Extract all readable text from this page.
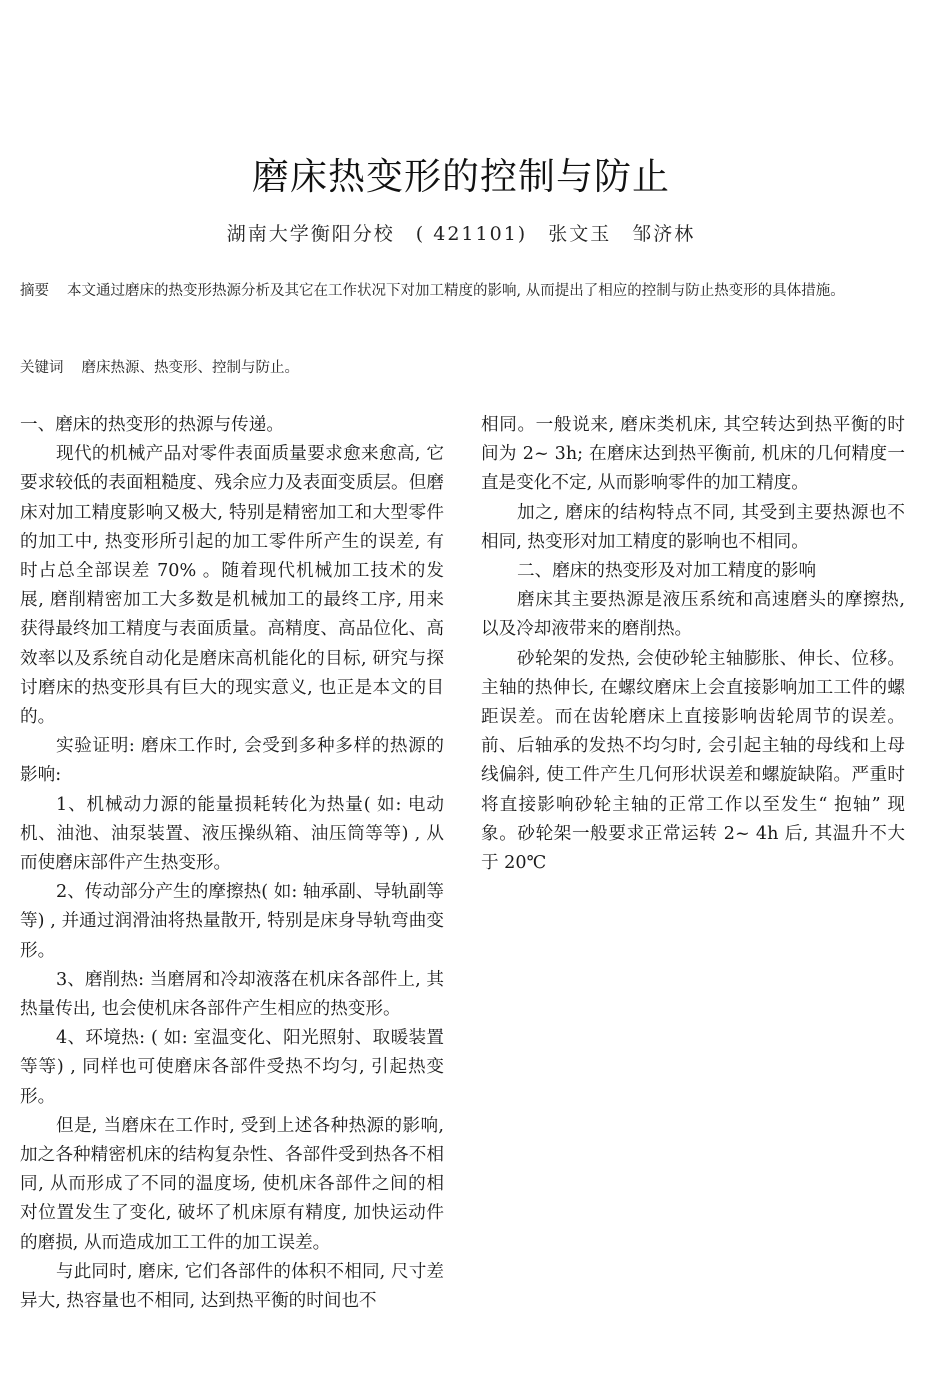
磨床热变形的控制与防止
湖南大学衡阳分校　( 421101)　张文玉　邹济林
摘要 本文通过磨床的热变形热源分析及其它在工作状况下对加工精度的影响, 从而提出了相应的控制与防止热变形的具体措施。
关键词 磨床热源、热变形、控制与防止。

一、磨床的热变形的热源与传递。

现代的机械产品对零件表面质量要求愈来愈高, 它要求较低的表面粗糙度、残余应力及表面变质层。但磨床对加工精度影响又极大, 特别是精密加工和大型零件的加工中, 热变形所引起的加工零件所产生的误差, 有时占总全部误差 70% 。随着现代机械加工技术的发展, 磨削精密加工大多数是机械加工的最终工序, 用来获得最终加工精度与表面质量。高精度、高品位化、高效率以及系统自动化是磨床高机能化的目标, 研究与探讨磨床的热变形具有巨大的现实意义, 也正是本文的目的。

实验证明: 磨床工作时, 会受到多种多样的热源的影响:

1、机械动力源的能量损耗转化为热量( 如: 电动机、油池、油泵装置、液压操纵箱、油压筒等等) , 从而使磨床部件产生热变形。

2、传动部分产生的摩擦热( 如: 轴承副、导轨副等等) , 并通过润滑油将热量散开, 特别是床身导轨弯曲变形。

3、磨削热: 当磨屑和冷却液落在机床各部件上, 其热量传出, 也会使机床各部件产生相应的热变形。

4、环境热: ( 如: 室温变化、阳光照射、取暖装置等等) , 同样也可使磨床各部件受热不均匀, 引起热变形。

但是, 当磨床在工作时, 受到上述各种热源的影响, 加之各种精密机床的结构复杂性、各部件受到热各不相同, 从而形成了不同的温度场, 使机床各部件之间的相对位置发生了变化, 破坏了机床原有精度, 加快运动件的磨损, 从而造成加工工件的加工误差。

与此同时, 磨床, 它们各部件的体积不相同, 尺寸差异大, 热容量也不相同, 达到热平衡的时间也不

相同。一般说来, 磨床类机床, 其空转达到热平衡的时间为 2~ 3h; 在磨床达到热平衡前, 机床的几何精度一直是变化不定, 从而影响零件的加工精度。

加之, 磨床的结构特点不同, 其受到主要热源也不相同, 热变形对加工精度的影响也不相同。

二、磨床的热变形及对加工精度的影响

磨床其主要热源是液压系统和高速磨头的摩擦热, 以及冷却液带来的磨削热。

砂轮架的发热, 会使砂轮主轴膨胀、伸长、位移。主轴的热伸长, 在螺纹磨床上会直接影响加工工件的螺距误差。而在齿轮磨床上直接影响齿轮周节的误差。前、后轴承的发热不均匀时, 会引起主轴的母线和上母线偏斜, 使工件产生几何形状误差和螺旋缺陷。严重时将直接影响砂轮主轴的正常工作以至发生“ 抱轴” 现象。砂轮架一般要求正常运转 2~ 4h 后, 其温升不大于 20℃
